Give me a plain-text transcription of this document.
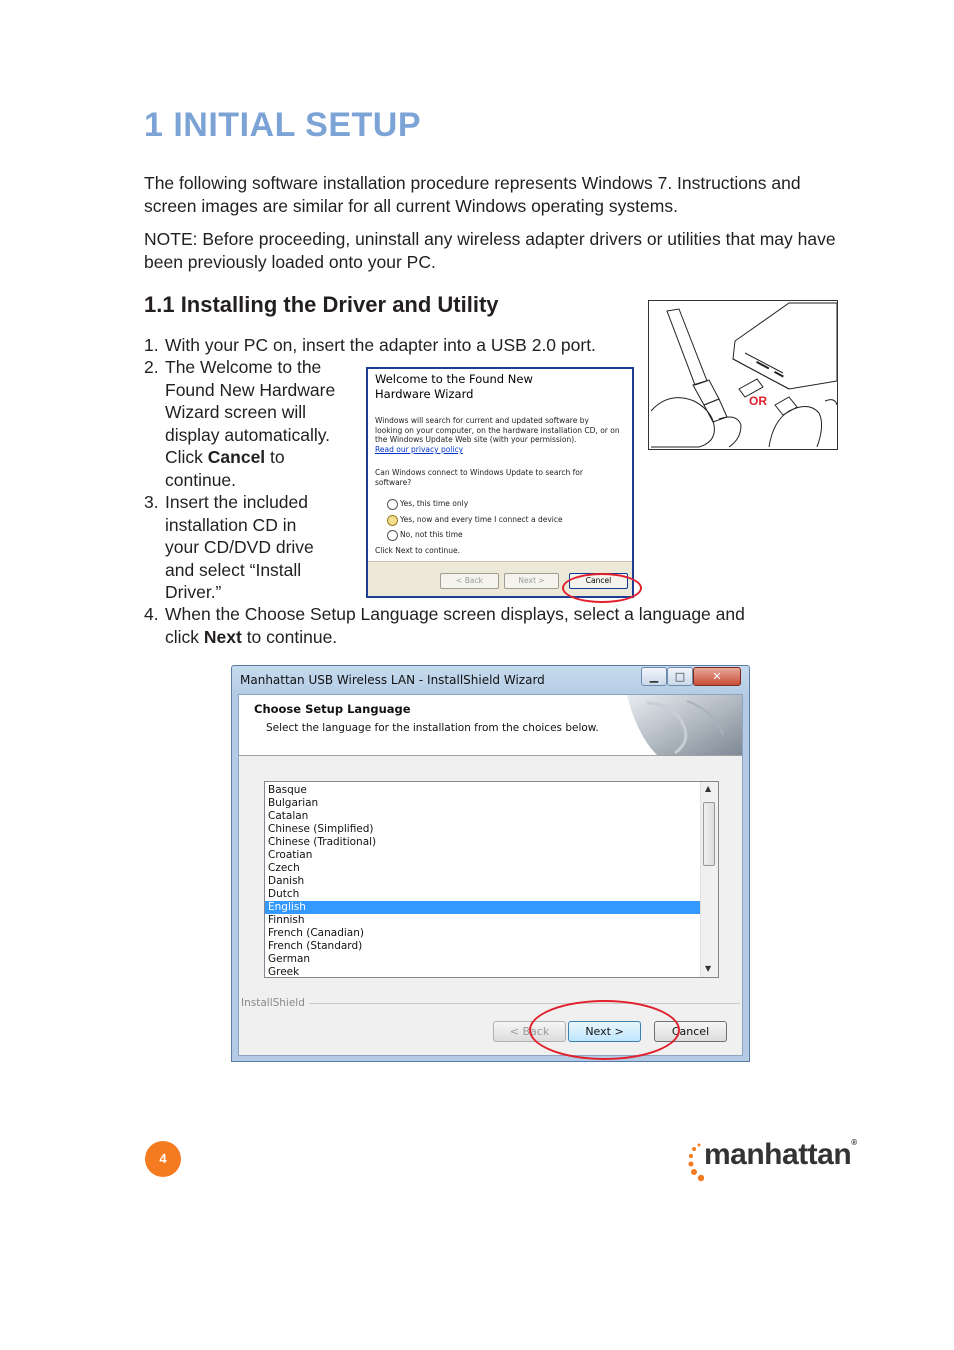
1 INITIAL SETUP
The following software installation procedure represents Windows 7. Instructions and screen images are similar for all current Windows operating systems.
NOTE: Before proceeding, uninstall any wireless adapter drivers or utilities that may have been previously loaded onto your PC.
1.1 Installing the Driver and Utility
1. With your PC on, insert the adapter into a USB 2.0 port.
2. The Welcome to the
Found New Hardware
Wizard screen will
display automatically.
Click Cancel to
continue.
3. Insert the included
installation CD in
your CD/DVD drive
and select “Install
Driver.”
4. When the Choose Setup Language screen displays, select a language and
click Next to continue.
Welcome to the Found New
Hardware Wizard
Windows will search for current and updated software by
looking on your computer, on the hardware installation CD, or on
the Windows Update Web site (with your permission).
Read our privacy policy
Can Windows connect to Windows Update to search for
software?
Yes, this time only
Yes, now and every time I connect a device
No, not this time
Click Next to continue.
< Back	Next >	Cancel
OR
Manhattan USB Wireless LAN - InstallShield Wizard	▁	□	✕
Choose Setup Language
Select the language for the installation from the choices below.
Basque
Bulgarian
Catalan
Chinese (Simplified)
Chinese (Traditional)
Croatian
Czech
Danish
Dutch
English
Finnish
French (Canadian)
French (Standard)
German
Greek
▲
▼
InstallShield
< Back	Next >	Cancel
4	manhattan®
